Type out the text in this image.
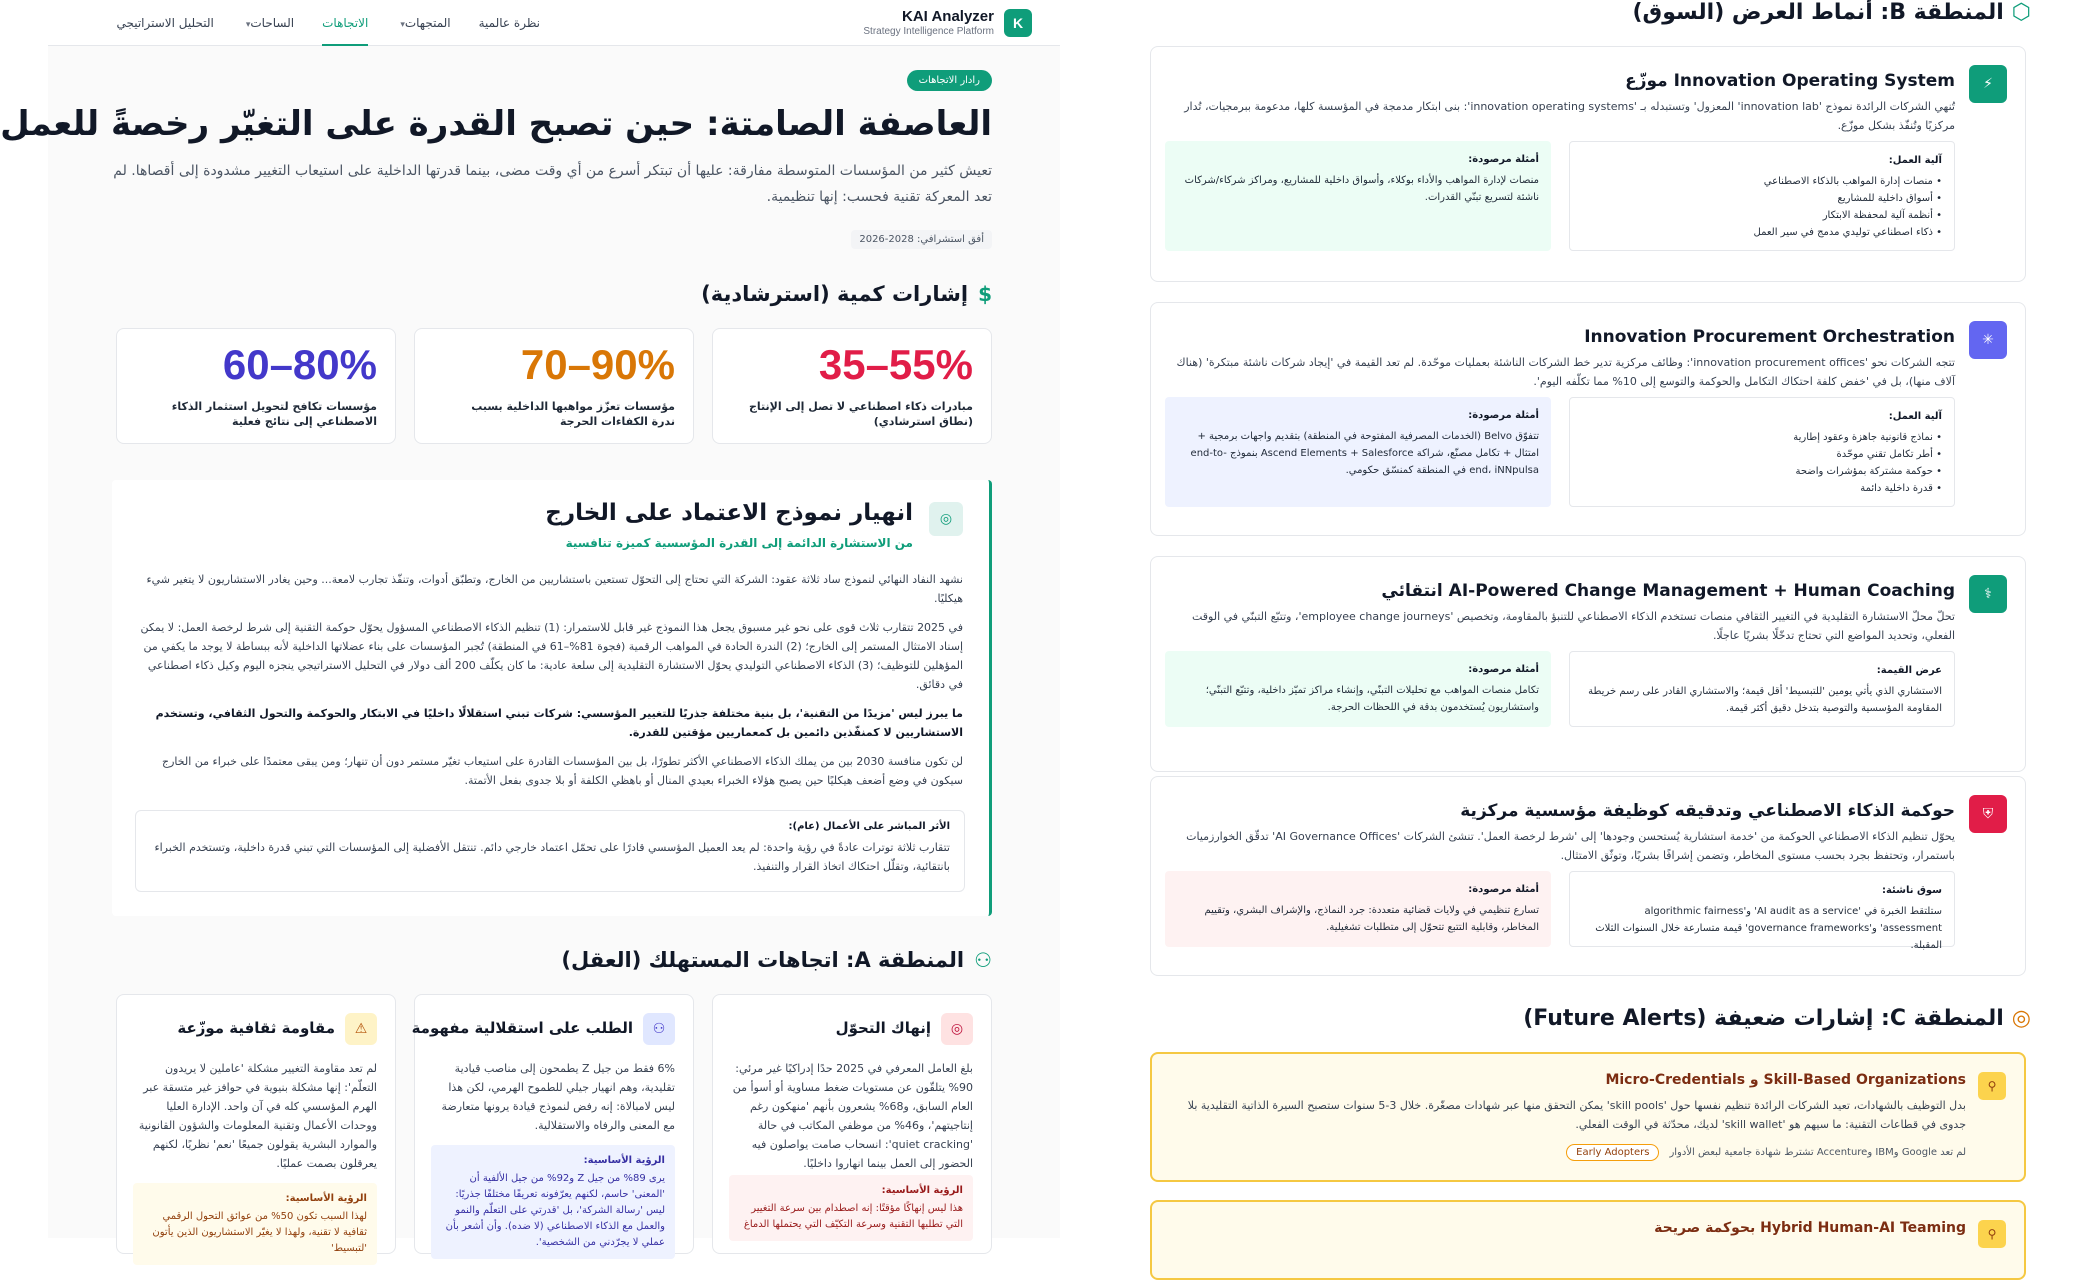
K
KAI Analyzer
Strategy Intelligence Platform
نظرة عالمية
المتجهات▾
الاتجاهات
الساحات▾
التحليل الاستراتيجي
رادار الاتجاهات
العاصفة الصامتة: حين تصبح القدرة على التغيّر رخصةً للعمل

تعيش كثير من المؤسسات المتوسطة مفارقة: عليها أن تبتكر أسرع من أي وقت مضى، بينما قدرتها الداخلية على استيعاب التغيير مشدودة إلى أقصاها. لم تعد المعركة تقنية فحسب: إنها تنظيمية.

أفق استشرافي: 2028-2026
$إشارات كمية (استرشادية)
35–55%
مبادرات ذكاء اصطناعي لا تصل إلى الإنتاج (نطاق استرشادي)
70–90%
مؤسسات تعزّز مواهبها الداخلية بسبب ندرة الكفاءات الحرجة
60–80%
مؤسسات تكافح لتحويل استثمار الذكاء الاصطناعي إلى نتائج فعلية
◎
انهيار نموذج الاعتماد على الخارج
من الاستشارة الدائمة إلى القدرة المؤسسية كميزة تنافسية

نشهد النفاد النهائي لنموذج ساد ثلاثة عقود: الشركة التي تحتاج إلى التحوّل تستعين باستشاريين من الخارج، وتطبّق أدوات، وتنفّذ تجارب لامعة... وحين يغادر الاستشاريون لا يتغير شيء هيكليًا.

في 2025 تتقارب ثلاث قوى على نحو غير مسبوق يجعل هذا النموذج غير قابل للاستمرار: (1) تنظيم الذكاء الاصطناعي المسؤول يحوّل حوكمة التقنية إلى شرط لرخصة العمل: لا يمكن إسناد الامتثال المستمر إلى الخارج؛ (2) الندرة الحادة في المواهب الرقمية (فجوة 81%–61 في المنطقة) تُجبر المؤسسات على بناء عضلاتها الداخلية لأنه ببساطة لا يوجد ما يكفي من المؤهلين للتوظيف؛ (3) الذكاء الاصطناعي التوليدي يحوّل الاستشارة التقليدية إلى سلعة عادية: ما كان يكلّف 200 ألف دولار في التحليل الاستراتيجي ينجزه اليوم وكيل ذكاء اصطناعي في دقائق.

ما يبرز ليس 'مزيدًا من التقنية'، بل بنية مختلفة جذريًا للتغيير المؤسسي: شركات تبني استقلالًا داخليًا في الابتكار والحوكمة والتحول الثقافي، وتستخدم الاستشاريين لا كمنفّذين دائمين بل كمعماريين مؤقتين للقدرة.

لن تكون منافسة 2030 بين من يملك الذكاء الاصطناعي الأكثر تطورًا، بل بين المؤسسات القادرة على استيعاب تغيّر مستمر دون أن تنهار؛ ومن يبقى معتمدًا على خبراء من الخارج سيكون في وضع أضعف هيكليًا حين يصبح هؤلاء الخبراء بعيدي المنال أو باهظي الكلفة أو بلا جدوى بفعل الأتمتة.

الأثر المباشر على الأعمال (عام):
تتقارب ثلاثة توترات عادةً في رؤية واحدة: لم يعد العميل المؤسسي قادرًا على تحمّل اعتماد خارجي دائم. تنتقل الأفضلية إلى المؤسسات التي تبني قدرة داخلية، وتستخدم الخبراء بانتقائية، وتقلّل احتكاك اتخاذ القرار والتنفيذ.
⚇المنطقة A: اتجاهات المستهلك (العقل)
◎
إنهاك التحوّل
بلغ العامل المعرفي في 2025 حدًا إدراكيًا غير مرئي: 90% يتلقّون عن مستويات ضغط مساوية أو أسوأ من العام السابق، و68% يشعرون بأنهم 'منهكون رغم إنتاجيتهم'، و46% من موظفي المكاتب في حالة 'quiet cracking': انسحاب صامت يواصلون فيه الحضور إلى العمل بينما انهاروا داخليًا.
الرؤية الأساسية:
هذا ليس إنهاكًا مؤقتًا: إنه اصطدام بين سرعة التغيير التي تطلبها التقنية وسرعة التكيّف التي يحتملها الدماغ
⚇
الطلب على استقلالية مفهومة
6% فقط من جيل Z يطمحون إلى مناصب قيادية تقليدية، وهم انهيار جيلي للطموح الهرمي، لكن هذا ليس لامبالاة: إنه رفض لنموذج قيادة يرونها متعارضة مع المعنى والرفاه والاستقلالية.
الرؤية الأساسية:
يرى 89% من جيل Z و92% من جيل الألفية أن 'المعنى' حاسم، لكنهم يعرّفونه تعريفًا مختلفًا جذريًا: ليس 'رسالة الشركة'، بل 'قدرتي على التعلّم والنمو والعمل مع الذكاء الاصطناعي (لا ضده). وأن أشعر بأن عملي لا يجرّدني من الشخصية'.
⚠
مقاومة ثقافية موزّعة
لم تعد مقاومة التغيير مشكلة 'عاملين لا يريدون التعلّم': إنها مشكلة بنيوية في حوافز غير متسقة عبر الهرم المؤسسي كله في آن واحد. الإدارة العليا ووحدات الأعمال وتقنية المعلومات والشؤون القانونية والموارد البشرية يقولون جميعًا 'نعم' نظريًا، لكنهم يعرقلون بصمت عمليًا.
الرؤية الأساسية:
لهذا السبب تكون 50% من عوائق التحول الرقمي ثقافية لا تقنية، ولهذا لا يغيّر الاستشاريون الذين يأتون 'لتبسيط'
⬡المنطقة B: أنماط العرض (السوق)
⚡
Innovation Operating System موزّع
تُنهي الشركات الرائدة نموذج 'innovation lab' المعزول' وتستبدله بـ 'innovation operating systems': بنى ابتكار مدمجة في المؤسسة كلها، مدعومة ببرمجيات، تُدار مركزيًا وتُنفّذ بشكل موزّع.
آلية العمل:
• منصات إدارة المواهب بالذكاء الاصطناعي
• أسواق داخلية للمشاريع
• أنظمة آلية لمحفظة الابتكار
• ذكاء اصطناعي توليدي مدمج في سير العمل
أمثلة مرصودة:
منصات لإدارة المواهب والأداء بوكلاء، وأسواق داخلية للمشاريع، ومراكز شركاء/شركات ناشئة لتسريع تبنّي القدرات.
✳
Innovation Procurement Orchestration
تتجه الشركات نحو 'innovation procurement offices': وظائف مركزية تدير خط الشركات الناشئة بعمليات موحّدة. لم تعد القيمة في 'إيجاد شركات ناشئة مبتكرة' (هناك آلاف منها)، بل في 'خفض كلفة احتكاك التكامل والحوكمة والتوسع إلى 10% مما تكلّفه اليوم'.
آلية العمل:
• نماذج قانونية جاهزة وعقود إطارية
• أطر تكامل تقني موحّدة
• حوكمة مشتركة بمؤشرات واضحة
• قدرة داخلية دائمة
أمثلة مرصودة:
تتفوّق Belvo (الخدمات المصرفية المفتوحة في المنطقة) بتقديم واجهات برمجية + امتثال + تكامل مصنّع، شراكة Ascend Elements + Salesforce بنموذج end-to-end، iNNpulsa في المنطقة كمنسّق حكومي.
⚕
AI-Powered Change Management + Human Coaching انتقائي
تحلّ محلّ الاستشارة التقليدية في التغيير الثقافي منصات تستخدم الذكاء الاصطناعي للتنبؤ بالمقاومة، وتخصيص 'employee change journeys'، وتتبّع التبنّي في الوقت الفعلي، وتحديد المواضع التي تحتاج تدخّلًا بشريًا عاجلًا.
عرض القيمة:
الاستشاري الذي يأتي يومين 'للتبسيط' أقل قيمة؛ والاستشاري القادر على رسم خريطة المقاومة المؤسسية والتوصية بتدخل دقيق أكثر قيمة.
أمثلة مرصودة:
تكامل منصات المواهب مع تحليلات التبنّي، وإنشاء مراكز تميّز داخلية، وتتبّع التبنّي؛ واستشاريون يُستخدمون بدقة في اللحظات الحرجة.
⛨
حوكمة الذكاء الاصطناعي وتدقيقه كوظيفة مؤسسية مركزية
يحوّل تنظيم الذكاء الاصطناعي الحوكمة من 'خدمة استشارية يُستحسن وجودها' إلى 'شرط لرخصة العمل'. تنشئ الشركات 'AI Governance Offices' تدقّق الخوارزميات باستمرار، وتحتفظ بجرد بحسب مستوى المخاطر، وتضمن إشرافًا بشريًا، وتوثّق الامتثال.
سوق ناشئة:
ستلتقط الخبرة في 'AI audit as a service' و'algorithmic fairness assessment' و'governance frameworks' قيمة متسارعة خلال السنوات الثلاث المقبلة.
أمثلة مرصودة:
تسارع تنظيمي في ولايات قضائية متعددة: جرد النماذج، والإشراف البشري، وتقييم المخاطر، وقابلية التتبع تتحوّل إلى متطلبات تشغيلية.
◎المنطقة C: إشارات ضعيفة (Future Alerts)
⚲
Skill-Based Organizations و Micro-Credentials
بدل التوظيف بالشهادات، تعيد الشركات الرائدة تنظيم نفسها حول 'skill pools' يمكن التحقق منها عبر شهادات مصغّرة. خلال 3-5 سنوات ستصبح السيرة الذاتية التقليدية بلا جدوى في قطاعات التقنية: ما سيهم هو 'skill wallet' لديك، محدّثة في الوقت الفعلي.
لم تعد Google وIBM وAccenture تشترط شهادة جامعية لبعض الأدوار
Early Adopters
⚲
Hybrid Human-AI Teaming بحوكمة صريحة
